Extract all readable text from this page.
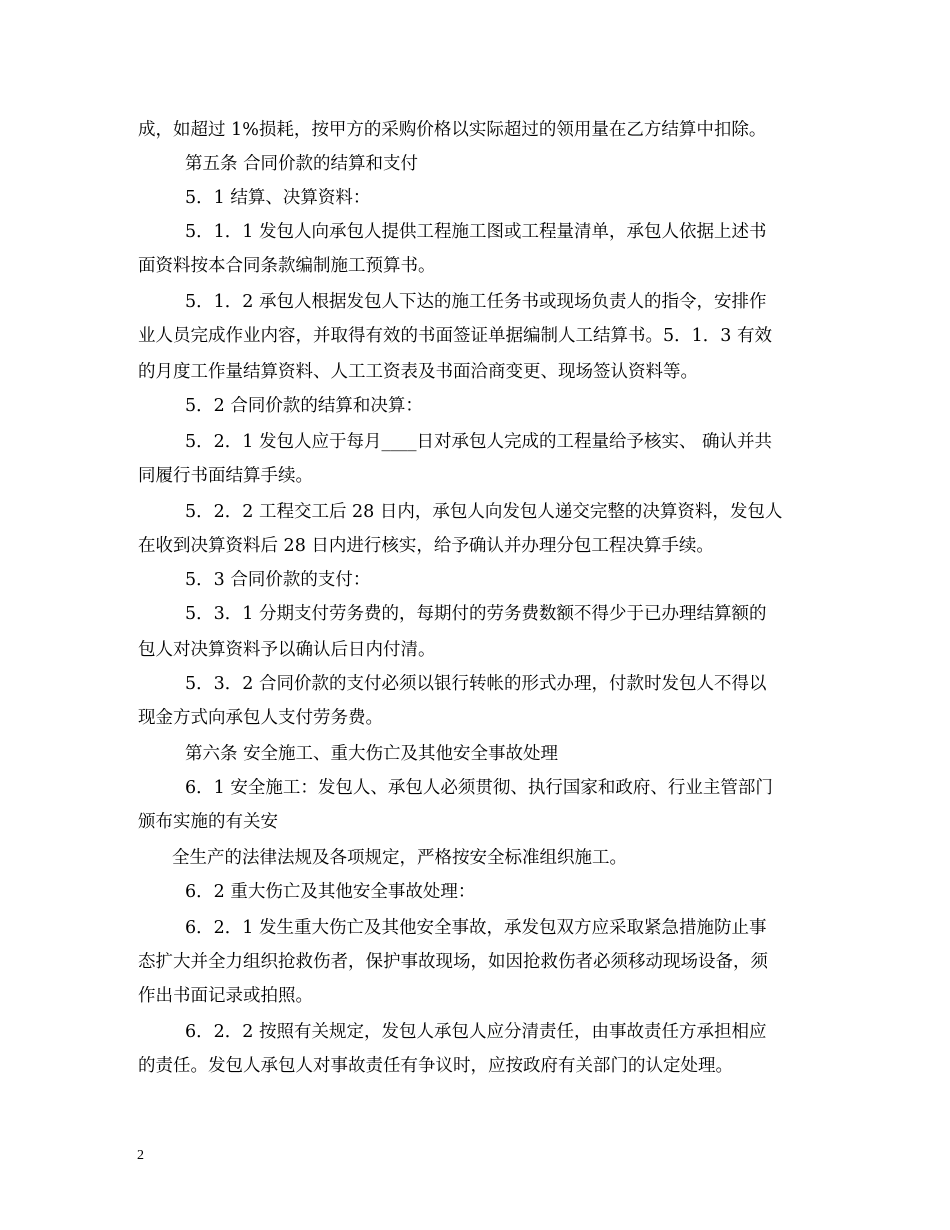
成，如超过 1%损耗，按甲方的采购价格以实际超过的领用量在乙方结算中扣除。
第五条 合同价款的结算和支付
5．1 结算、决算资料：
5．1．1 发包人向承包人提供工程施工图或工程量清单，承包人依据上述书
面资料按本合同条款编制施工预算书。
5．1．2 承包人根据发包人下达的施工任务书或现场负责人的指令，安排作
业人员完成作业内容，并取得有效的书面签证单据编制人工结算书。5．1．3 有效
的月度工作量结算资料、人工工资表及书面洽商变更、现场签认资料等。
5．2 合同价款的结算和决算：
5．2．1 发包人应于每月____日对承包人完成的工程量给予核实、 确认并共
同履行书面结算手续。
5．2．2 工程交工后 28 日内，承包人向发包人递交完整的决算资料，发包人
在收到决算资料后 28 日内进行核实，给予确认并办理分包工程决算手续。
5．3 合同价款的支付：
5．3．1 分期支付劳务费的，每期付的劳务费数额不得少于已办理结算额的
包人对决算资料予以确认后日内付清。
5．3．2 合同价款的支付必须以银行转帐的形式办理，付款时发包人不得以
现金方式向承包人支付劳务费。
第六条 安全施工、重大伤亡及其他安全事故处理
6．1 安全施工：发包人、承包人必须贯彻、执行国家和政府、行业主管部门
颁布实施的有关安
全生产的法律法规及各项规定，严格按安全标准组织施工。
6．2 重大伤亡及其他安全事故处理：
6．2．1 发生重大伤亡及其他安全事故，承发包双方应采取紧急措施防止事
态扩大并全力组织抢救伤者，保护事故现场，如因抢救伤者必须移动现场设备，须
作出书面记录或拍照。
6．2．2 按照有关规定，发包人承包人应分清责任，由事故责任方承担相应
的责任。发包人承包人对事故责任有争议时，应按政府有关部门的认定处理。
2
